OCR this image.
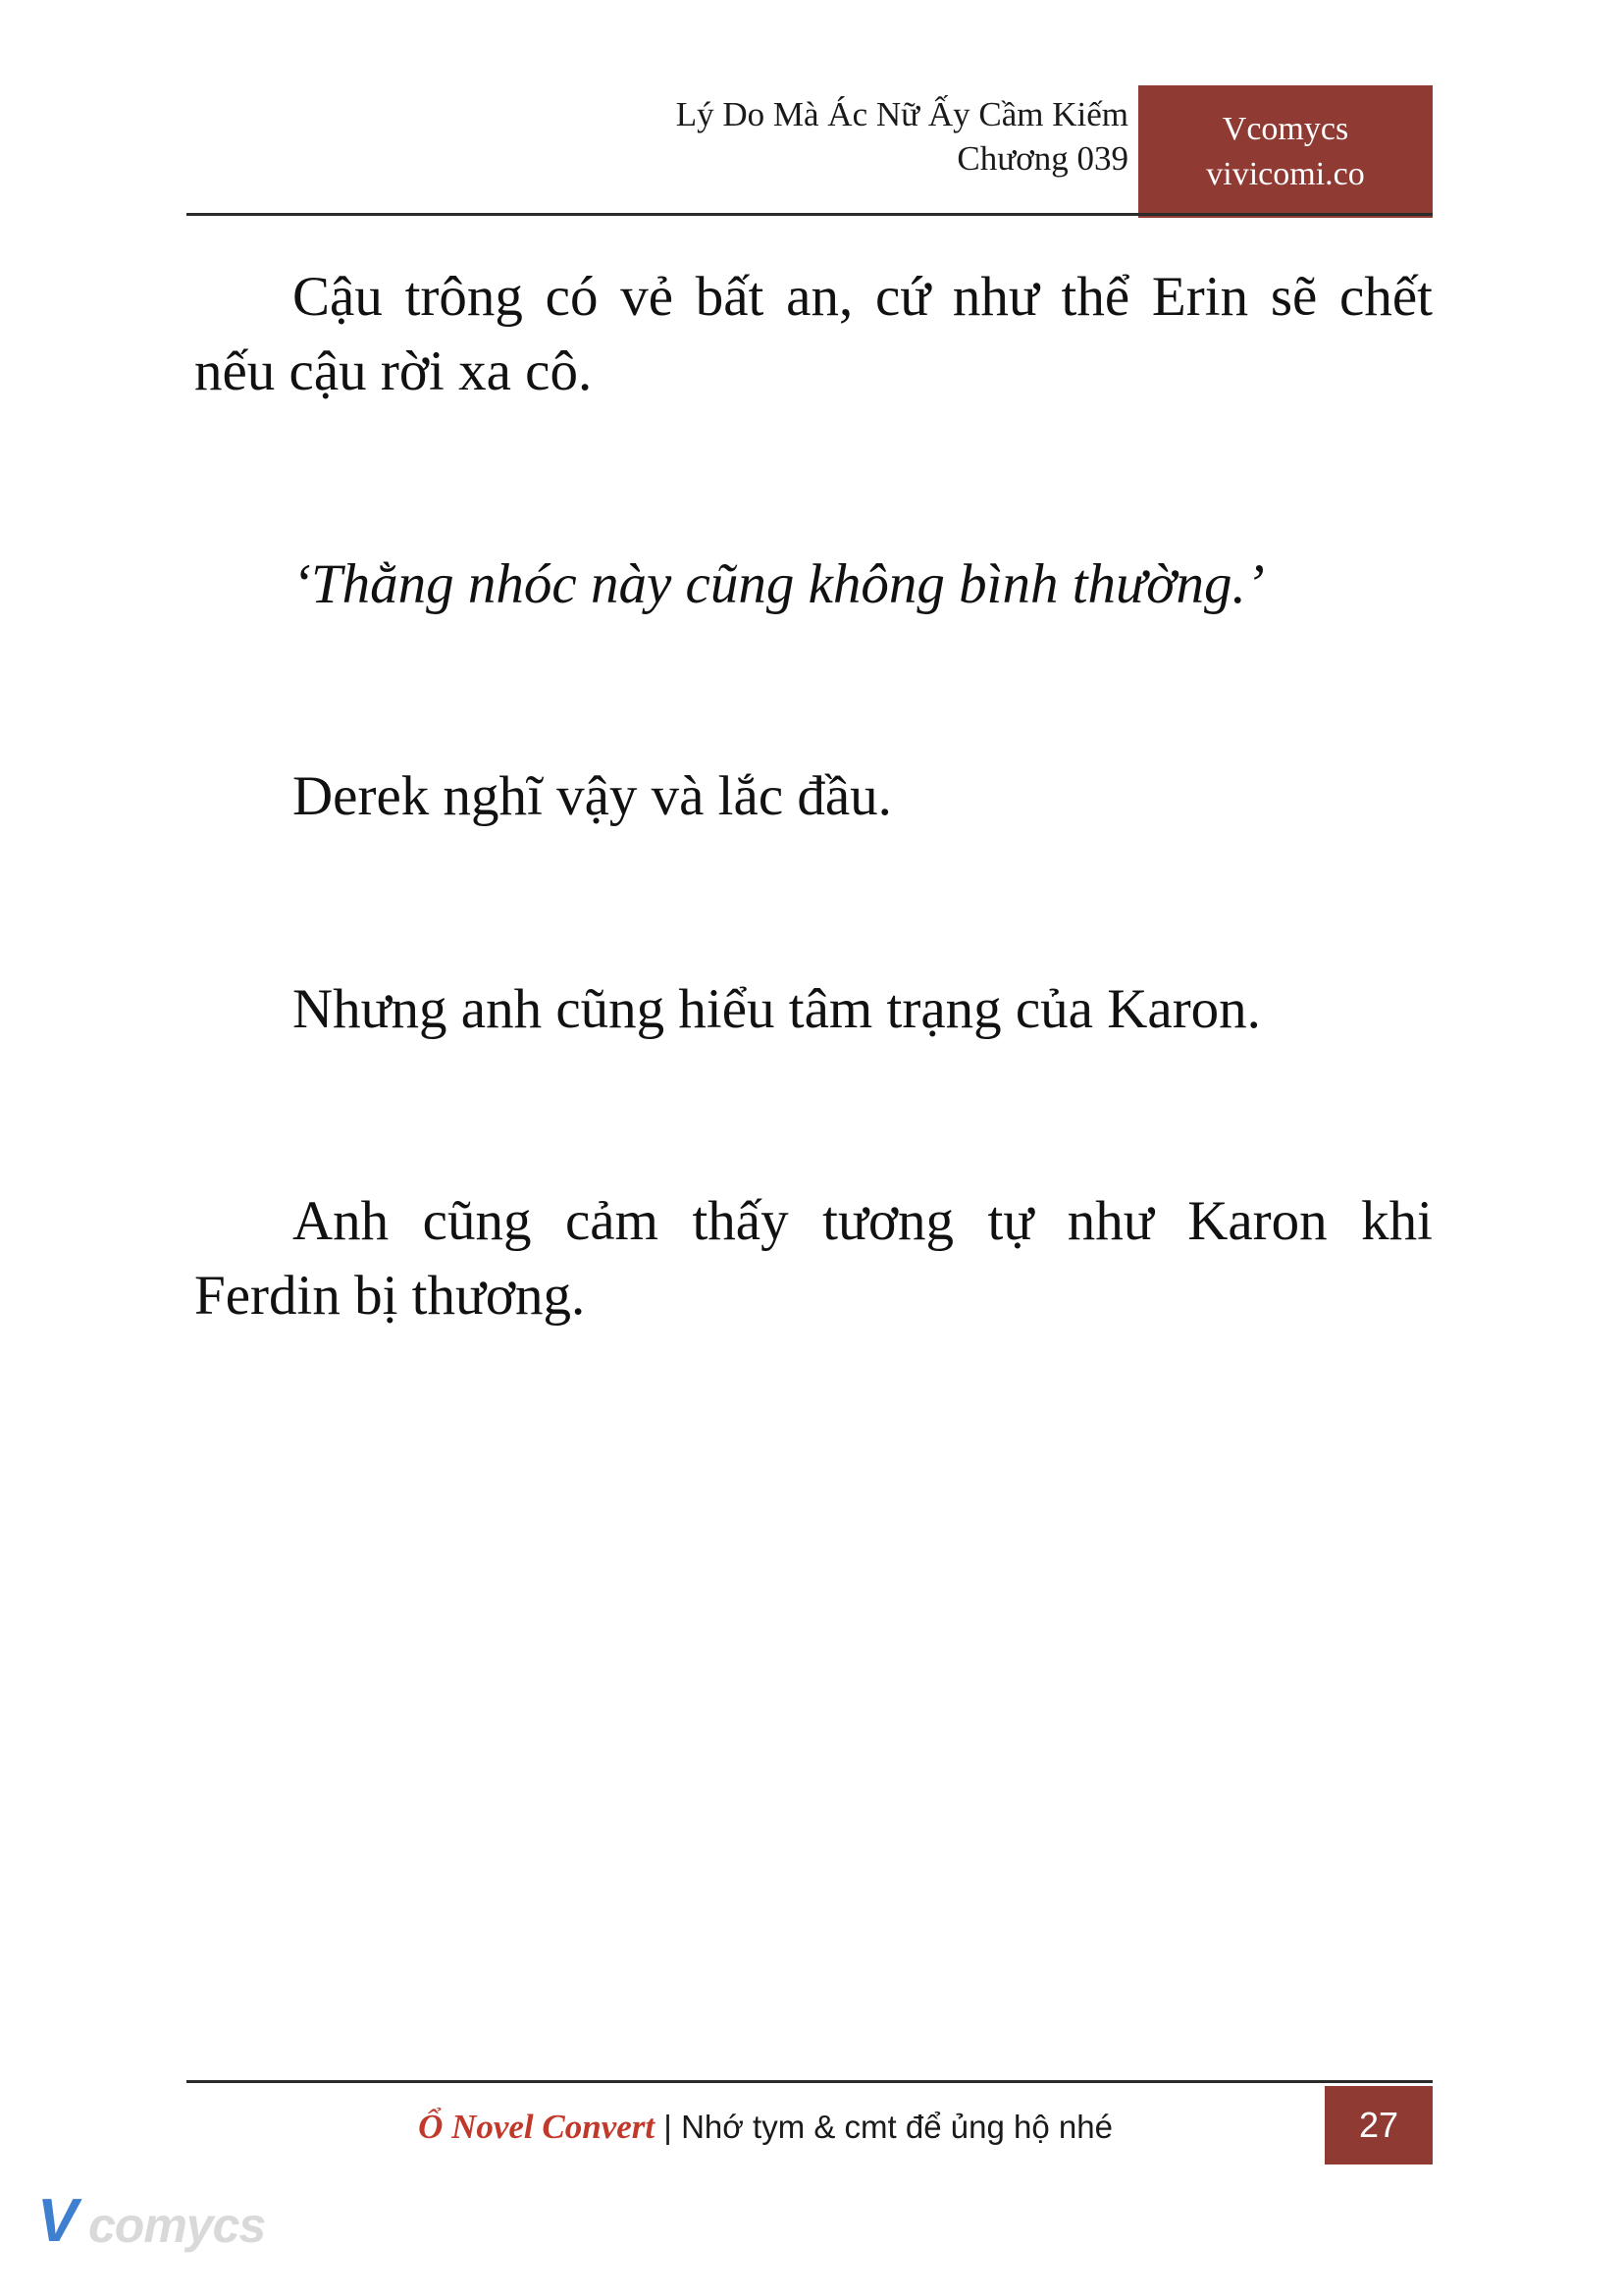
Lý Do Mà Ác Nữ Ấy Cầm Kiếm
Chương 039
Vcomycs
vivicomi.co

Cậu trông có vẻ bất an, cứ như thể Erin sẽ chết nếu cậu rời xa cô.

‘Thằng nhóc này cũng không bình thường.’

Derek nghĩ vậy và lắc đầu.

Nhưng anh cũng hiểu tâm trạng của Karon.

Anh cũng cảm thấy tương tự như Karon khi Ferdin bị thương.

Ổ Novel Convert | Nhớ tym & cmt để ủng hộ nhé	27
V comycs
